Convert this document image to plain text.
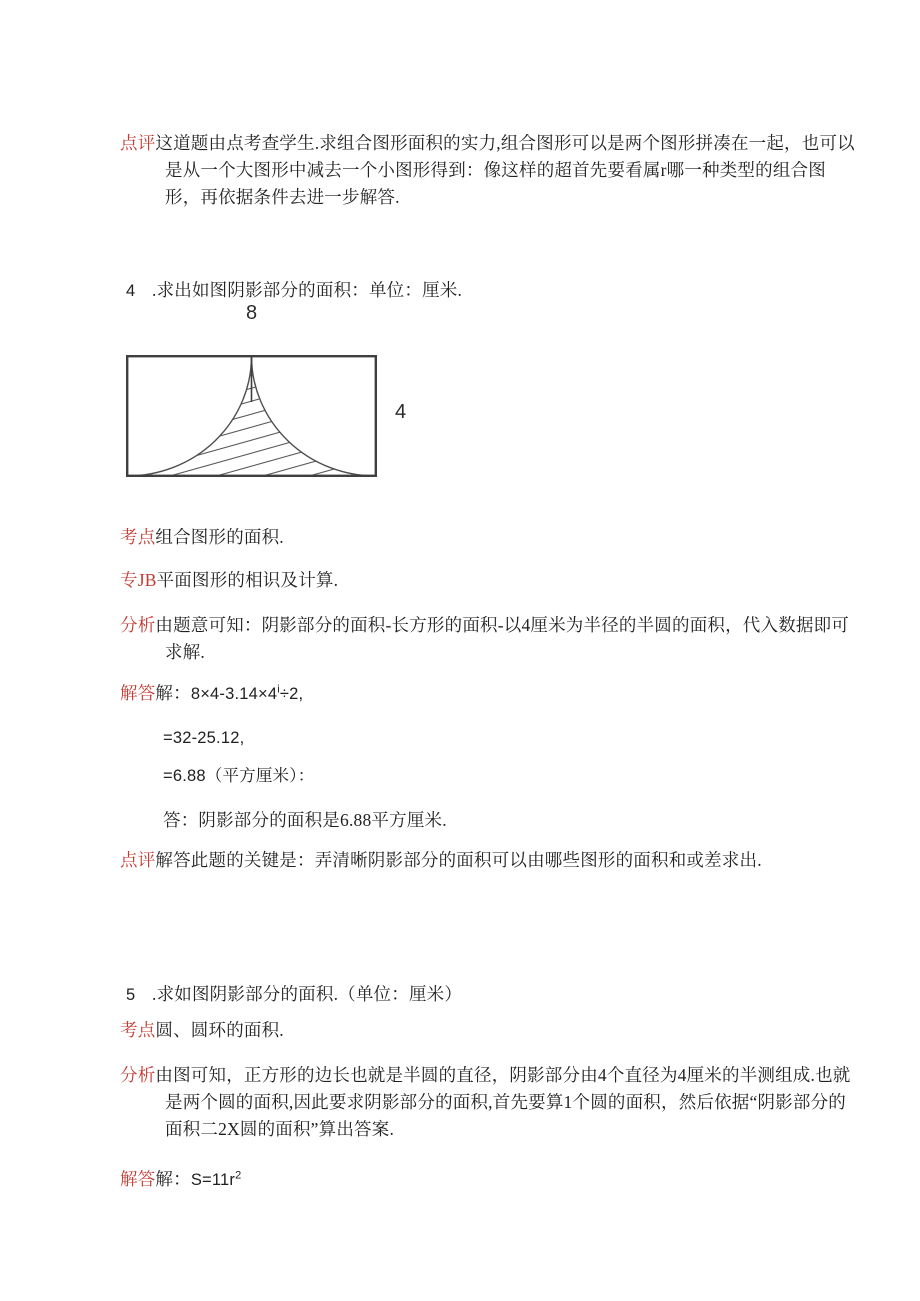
点评这道题由点考查学生.求组合图形面积的实力,组合图形可以是两个图形拼凑在一起，也可以是从一个大图形中减去一个小图形得到：像这样的超首先要看属r哪一种类型的组合图形，再依据条件去进一步解答.

4 .求出如图阴影部分的面积：单位：厘米.

8
4

考点组合图形的面积.

专JB平面图形的相识及计算.

分析由题意可知：阴影部分的面积-长方形的面积-以4厘米为半径的半圆的面积，代入数据即可求解.

解答解：$8\times 4-3.14\times 4^i\div 2$,

=32-25.12,

=6.88（平方厘米）：

答：阴影部分的面积是6.88平方厘米.

点评解答此题的关键是：弄清晰阴影部分的面积可以由哪些图形的面积和或差求出.

5 .求如图阴影部分的面积.（单位：厘米）

考点圆、圆环的面积.

分析由图可知，正方形的边长也就是半圆的直径，阴影部分由4个直径为4厘米的半测组成.也就是两个圆的面积,因此要求阴影部分的面积,首先要算1个圆的面积，然后依据“阴影部分的面积二2X圆的面积”算出答案.

解答解：$S=11r^2$
